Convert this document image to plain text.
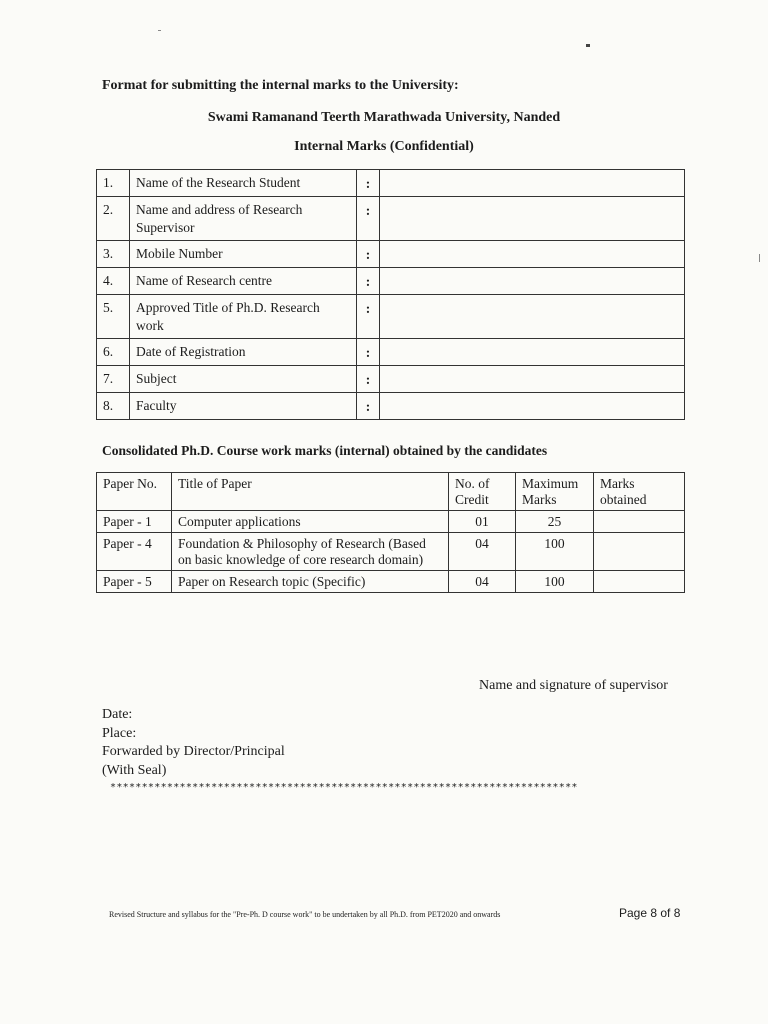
Format for submitting the internal marks to the University:
Swami Ramanand Teerth Marathwada University, Nanded
Internal Marks (Confidential)
1.	Name of the Research Student	:	
2.	Name and address of Research Supervisor	:	
3.	Mobile Number	:	
4.	Name of Research centre	:	
5.	Approved Title of Ph.D. Research work	:	
6.	Date of Registration	:	
7.	Subject	:	
8.	Faculty	:	
Consolidated Ph.D. Course work marks (internal) obtained by the candidates
Paper No.	Title of Paper	No. of Credit	Maximum Marks	Marks obtained
Paper - 1	Computer applications	01	25	
Paper - 4	Foundation & Philosophy of Research (Based on basic knowledge of core research domain)	04	100	
Paper - 5	Paper on Research topic (Specific)	04	100	
Name and signature of supervisor
Date:
Place:
Forwarded by Director/Principal
(With Seal)
**************************************************************************
Revised Structure and syllabus for the "Pre-Ph. D course work" to be undertaken by all Ph.D. from PET2020 and onwards	Page 8 of 8
